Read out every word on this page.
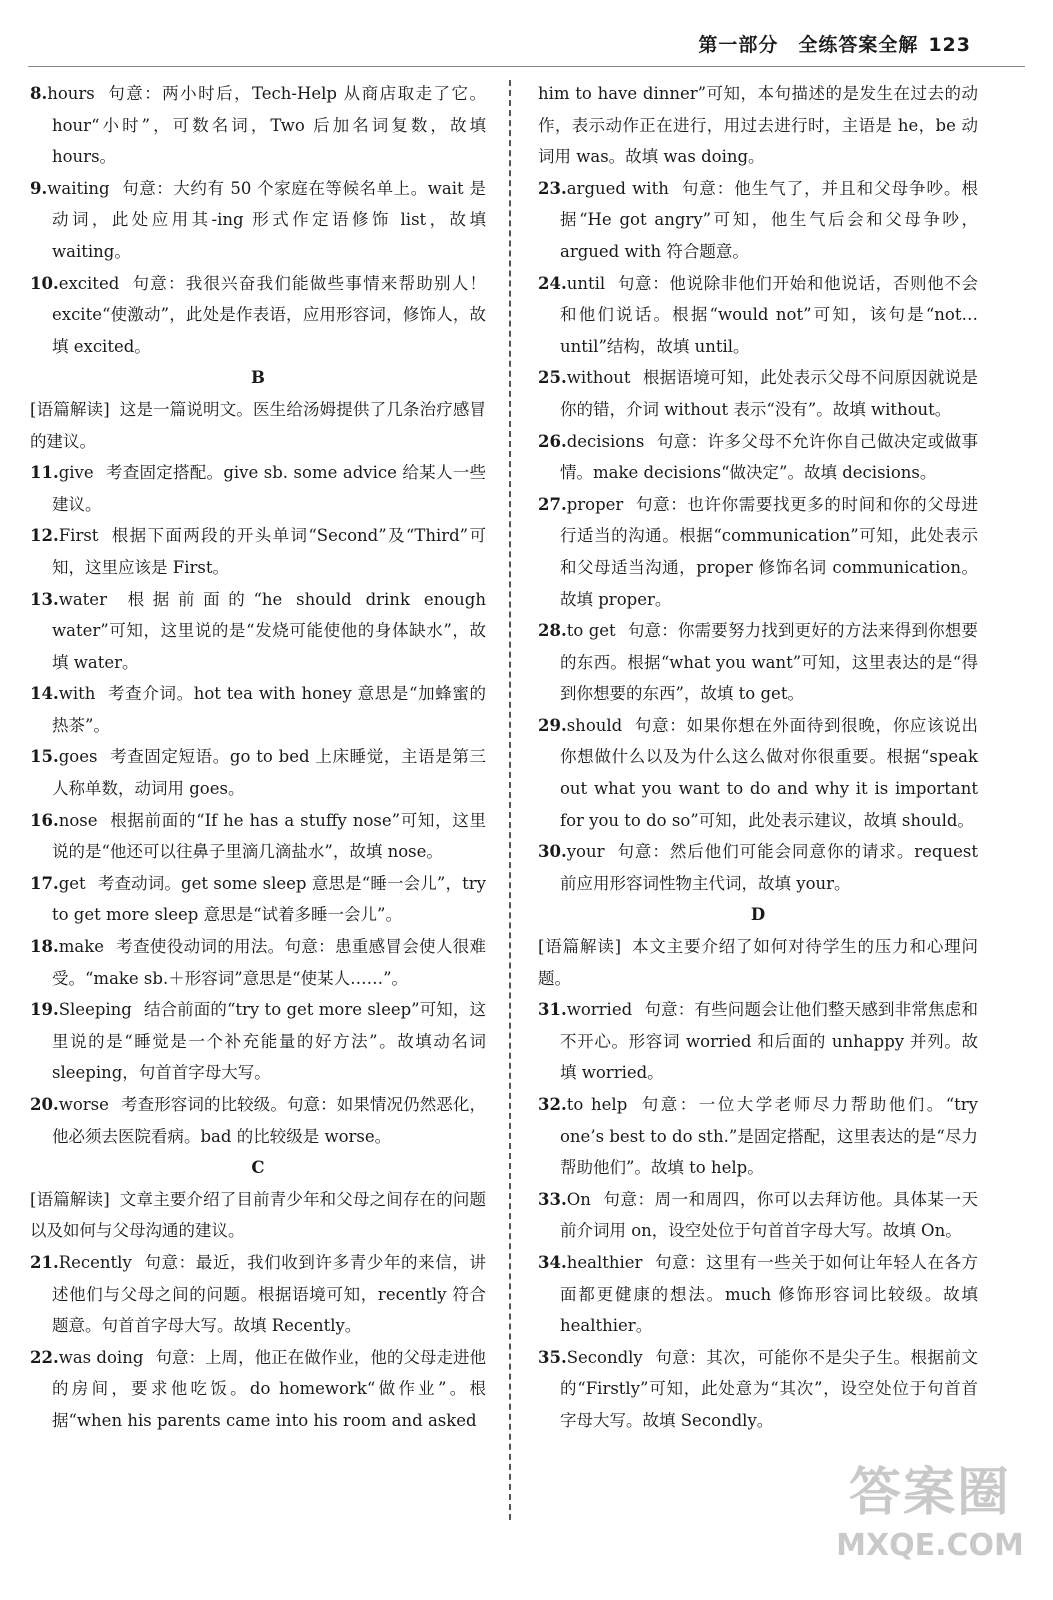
第一部分　全练答案全解 123

8.hours 句意：两小时后，Tech-Help 从商店取走了它。hour“小时”，可数名词，Two 后加名词复数，故填 hours。

9.waiting 句意：大约有 50 个家庭在等候名单上。wait 是动词，此处应用其-ing 形式作定语修饰 list，故填 waiting。

10.excited 句意：我很兴奋我们能做些事情来帮助别人！excite“使激动”，此处是作表语，应用形容词，修饰人，故填 excited。

B

[语篇解读] 这是一篇说明文。医生给汤姆提供了几条治疗感冒的建议。

11.give 考查固定搭配。give sb. some advice 给某人一些建议。

12.First 根据下面两段的开头单词“Second”及“Third”可知，这里应该是 First。

13.water 根据前面的“he should drink enough water”可知，这里说的是“发烧可能使他的身体缺水”，故填 water。

14.with 考查介词。hot tea with honey 意思是“加蜂蜜的热茶”。

15.goes 考查固定短语。go to bed 上床睡觉，主语是第三人称单数，动词用 goes。

16.nose 根据前面的“If he has a stuffy nose”可知，这里说的是“他还可以往鼻子里滴几滴盐水”，故填 nose。

17.get 考查动词。get some sleep 意思是“睡一会儿”，try to get more sleep 意思是“试着多睡一会儿”。

18.make 考查使役动词的用法。句意：患重感冒会使人很难受。“make sb.＋形容词”意思是“使某人……”。

19.Sleeping 结合前面的“try to get more sleep”可知，这里说的是“睡觉是一个补充能量的好方法”。故填动名词 sleeping，句首首字母大写。

20.worse 考查形容词的比较级。句意：如果情况仍然恶化，他必须去医院看病。bad 的比较级是 worse。

C

[语篇解读] 文章主要介绍了目前青少年和父母之间存在的问题以及如何与父母沟通的建议。

21.Recently 句意：最近，我们收到许多青少年的来信，讲述他们与父母之间的问题。根据语境可知，recently 符合题意。句首首字母大写。故填 Recently。

22.was doing 句意：上周，他正在做作业，他的父母走进他的房间，要求他吃饭。do homework“做作业”。根据“when his parents came into his room and asked

him to have dinner”可知，本句描述的是发生在过去的动作，表示动作正在进行，用过去进行时，主语是 he，be 动词用 was。故填 was doing。

23.argued with 句意：他生气了，并且和父母争吵。根据“He got angry”可知，他生气后会和父母争吵，argued with 符合题意。

24.until 句意：他说除非他们开始和他说话，否则他不会和他们说话。根据“would not”可知，该句是“not…until”结构，故填 until。

25.without 根据语境可知，此处表示父母不问原因就说是你的错，介词 without 表示“没有”。故填 without。

26.decisions 句意：许多父母不允许你自己做决定或做事情。make decisions“做决定”。故填 decisions。

27.proper 句意：也许你需要找更多的时间和你的父母进行适当的沟通。根据“communication”可知，此处表示和父母适当沟通，proper 修饰名词 communication。故填 proper。

28.to get 句意：你需要努力找到更好的方法来得到你想要的东西。根据“what you want”可知，这里表达的是“得到你想要的东西”，故填 to get。

29.should 句意：如果你想在外面待到很晚，你应该说出你想做什么以及为什么这么做对你很重要。根据“speak out what you want to do and why it is important for you to do so”可知，此处表示建议，故填 should。

30.your 句意：然后他们可能会同意你的请求。request 前应用形容词性物主代词，故填 your。

D

[语篇解读] 本文主要介绍了如何对待学生的压力和心理问题。

31.worried 句意：有些问题会让他们整天感到非常焦虑和不开心。形容词 worried 和后面的 unhappy 并列。故填 worried。

32.to help 句意：一位大学老师尽力帮助他们。“try one’s best to do sth.”是固定搭配，这里表达的是“尽力帮助他们”。故填 to help。

33.On 句意：周一和周四，你可以去拜访他。具体某一天前介词用 on，设空处位于句首首字母大写。故填 On。

34.healthier 句意：这里有一些关于如何让年轻人在各方面都更健康的想法。much 修饰形容词比较级。故填 healthier。

35.Secondly 句意：其次，可能你不是尖子生。根据前文的“Firstly”可知，此处意为“其次”，设空处位于句首首字母大写。故填 Secondly。

答案圈
MXQE.COM
